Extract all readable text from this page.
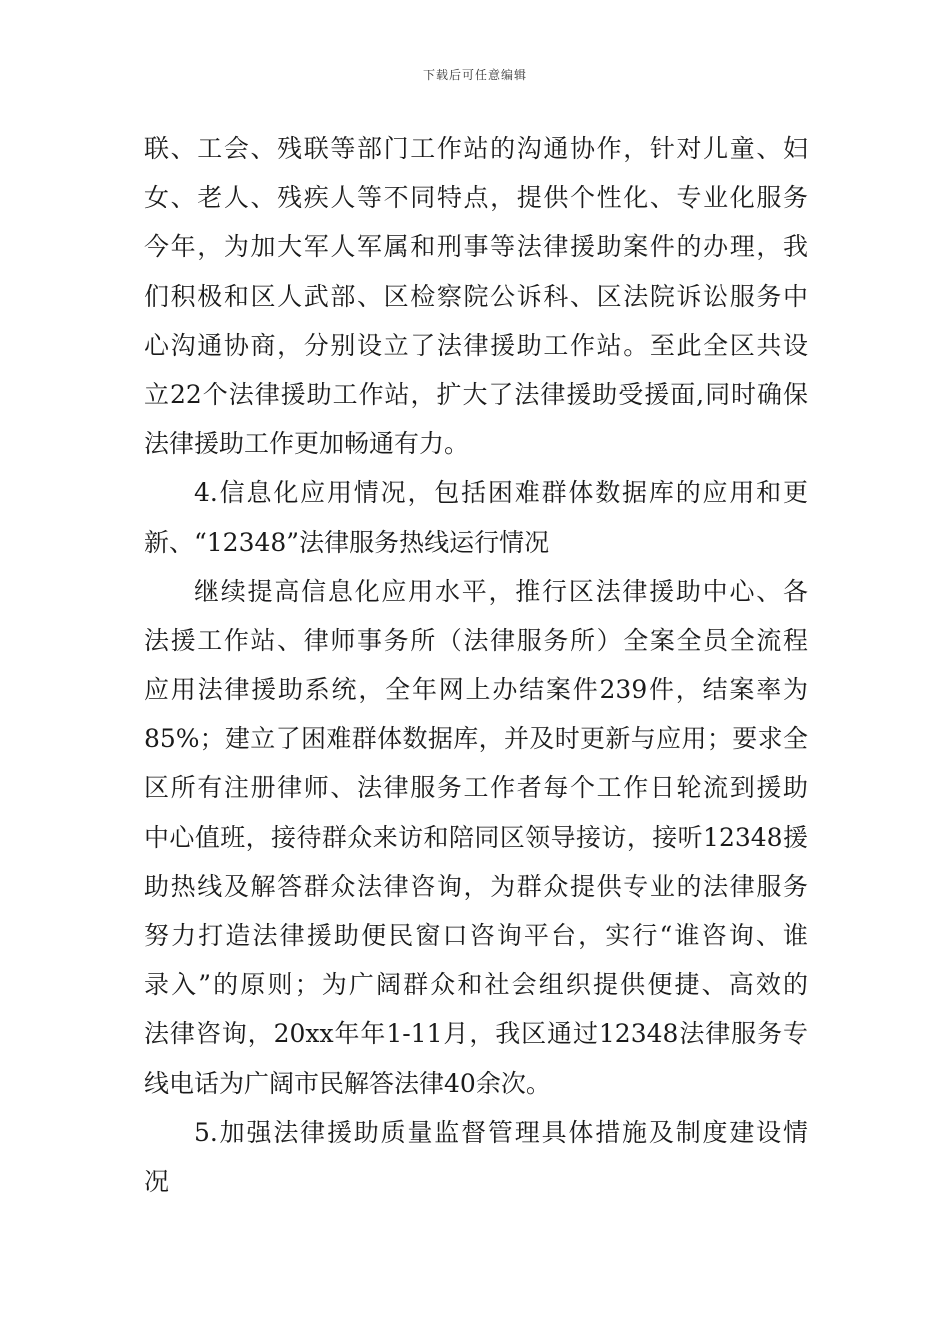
下载后可任意编辑
联、工会、残联等部门工作站的沟通协作，针对儿童、妇
女、老人、残疾人等不同特点，提供个性化、专业化服务
今年，为加大军人军属和刑事等法律援助案件的办理，我
们积极和区人武部、区检察院公诉科、区法院诉讼服务中
心沟通协商，分别设立了法律援助工作站。至此全区共设
立22个法律援助工作站，扩大了法律援助受援面,同时确保
法律援助工作更加畅通有力。
4.信息化应用情况，包括困难群体数据库的应用和更
新、“12348”法律服务热线运行情况
继续提高信息化应用水平，推行区法律援助中心、各
法援工作站、律师事务所（法律服务所）全案全员全流程
应用法律援助系统，全年网上办结案件239件，结案率为
85%；建立了困难群体数据库，并及时更新与应用；要求全
区所有注册律师、法律服务工作者每个工作日轮流到援助
中心值班，接待群众来访和陪同区领导接访，接听12348援
助热线及解答群众法律咨询，为群众提供专业的法律服务
努力打造法律援助便民窗口咨询平台，实行“谁咨询、谁
录入”的原则；为广阔群众和社会组织提供便捷、高效的
法律咨询，20xx年年1-11月，我区通过12348法律服务专
线电话为广阔市民解答法律40余次。
5.加强法律援助质量监督管理具体措施及制度建设情
况
